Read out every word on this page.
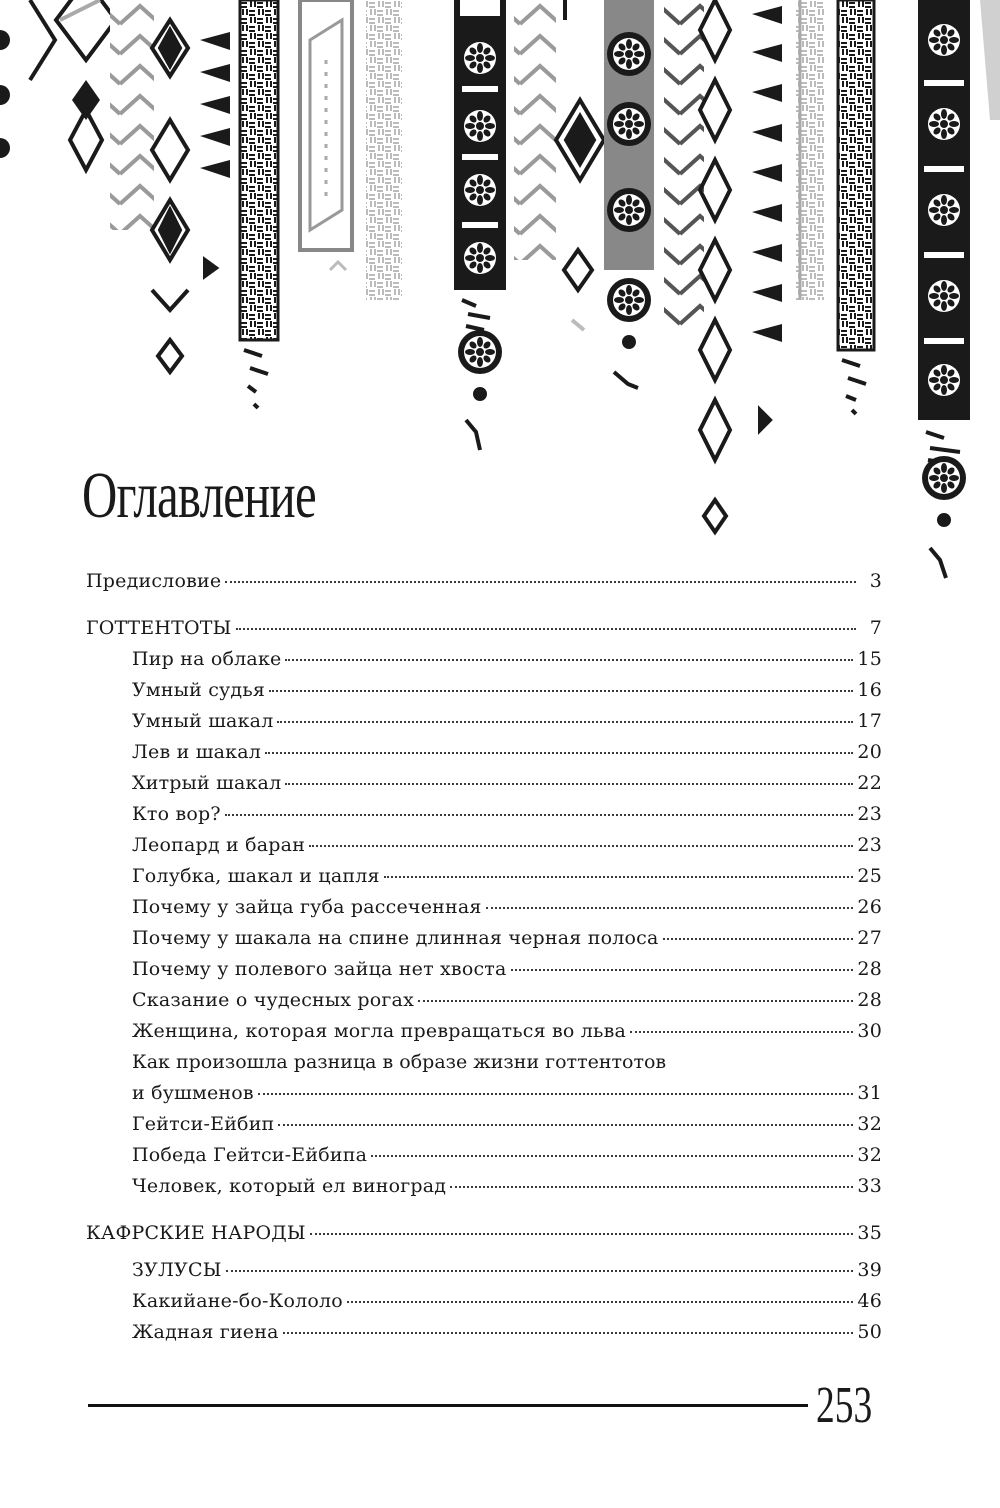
Оглавление
Предисловие	3
ГОТТЕНТОТЫ	7
Пир на облаке	15
Умный судья	16
Умный шакал	17
Лев и шакал	20
Хитрый шакал	22
Кто вор?	23
Леопард и баран	23
Голубка, шакал и цапля	25
Почему у зайца губа рассеченная	26
Почему у шакала на спине длинная черная полоса	27
Почему у полевого зайца нет хвоста	28
Сказание о чудесных рогах	28
Женщина, которая могла превращаться во льва	30
Как произошла разница в образе жизни готтентотов
и бушменов	31
Гейтси-Ейбип	32
Победа Гейтси-Ейбипа	32
Человек, который ел виноград	33
КАФРСКИЕ НАРОДЫ	35
ЗУЛУСЫ	39
Какийане-бо-Кололо	46
Жадная гиена	50
253
